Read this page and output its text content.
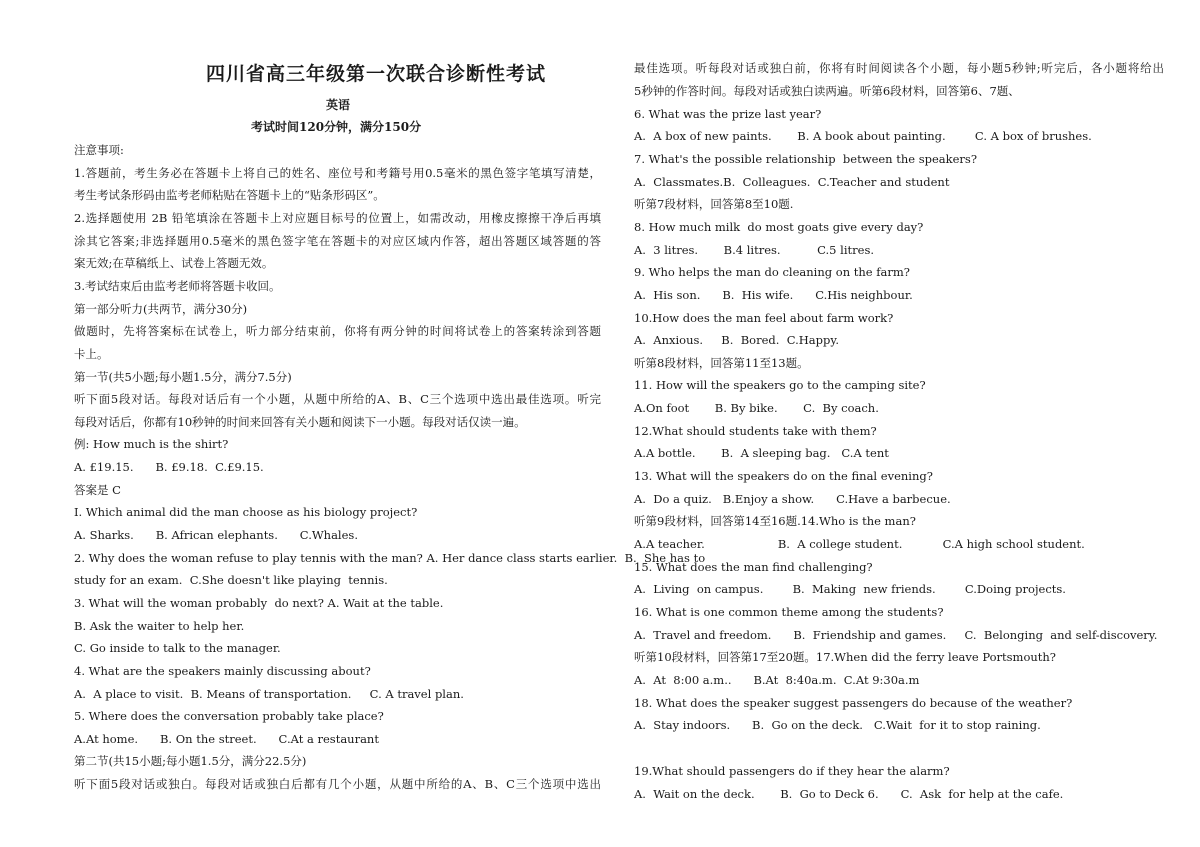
四川省高三年级第一次联合诊断性考试
英语
考试时间120分钟，满分150分
注意事项:
1.答题前，考生务必在答题卡上将自己的姓名、座位号和考籍号用0.5毫米的黑色签字笔填写清楚，
考生考试条形码由监考老师粘贴在答题卡上的“贴条形码区”。
2.选择题使用 2B 铅笔填涂在答题卡上对应题目标号的位置上，如需改动，用橡皮擦擦干净后再填
涂其它答案;非选择题用0.5毫米的黑色签字笔在答题卡的对应区域内作答，超出答题区域答题的答
案无效;在草稿纸上、试卷上答题无效。
3.考试结束后由监考老师将答题卡收回。
第一部分听力(共两节，满分30分)
做题时，先将答案标在试卷上，听力部分结束前，你将有两分钟的时间将试卷上的答案转涂到答题
卡上。
第一节(共5小题;每小题1.5分，满分7.5分)
听下面5段对话。每段对话后有一个小题，从题中所给的A、B、C三个选项中选出最佳选项。听完
每段对话后，你都有10秒钟的时间来回答有关小题和阅读下一小题。每段对话仅读一遍。
例: How much is the shirt?
A. £19.15.      B. £9.18.  C.£9.15.
答案是 C
I. Which animal did the man choose as his biology project?
A. Sharks.      B. African elephants.      C.Whales.
2. Why does the woman refuse to play tennis with the man? A. Her dance class starts earlier.  B.  She has to
study for an exam.  C.She doesn't like playing  tennis.
3. What will the woman probably  do next? A. Wait at the table.
B. Ask the waiter to help her.
C. Go inside to talk to the manager.
4. What are the speakers mainly discussing about?
A.  A place to visit.  B. Means of transportation.     C. A travel plan.
5. Where does the conversation probably take place?
A.At home.      B. On the street.      C.At a restaurant
第二节(共15小题;每小题1.5分，满分22.5分)
听下面5段对话或独白。每段对话或独白后都有几个小题，从题中所给的A、B、C三个选项中选出
最佳选项。听每段对话或独白前，你将有时间阅读各个小题，每小题5秒钟;听完后，各小题将给出
5秒钟的作答时间。每段对话或独白读两遍。听第6段材料，回答第6、7题、
6. What was the prize last year?
A.  A box of new paints.       B. A book about painting.        C. A box of brushes.
7. What's the possible relationship  between the speakers?
A.  Classmates.B.  Colleagues.  C.Teacher and student
听第7段材料，回答第8至10题.
8. How much milk  do most goats give every day?
A.  3 litres.       B.4 litres.          C.5 litres.
9. Who helps the man do cleaning on the farm?
A.  His son.      B.  His wife.      C.His neighbour.
10.How does the man feel about farm work?
A.  Anxious.     B.  Bored.  C.Happy.
听第8段材料，回答第11至13题。
11. How will the speakers go to the camping site?
A.On foot       B. By bike.       C.  By coach.
12.What should students take with them?
A.A bottle.       B.  A sleeping bag.   C.A tent
13. What will the speakers do on the final evening?
A.  Do a quiz.   B.Enjoy a show.      C.Have a barbecue.
听第9段材料，回答第14至16题.14.Who is the man?
A.A teacher.                    B.  A college student.           C.A high school student.
15. What does the man find challenging?
A.  Living  on campus.        B.  Making  new friends.        C.Doing projects.
16. What is one common theme among the students?
A.  Travel and freedom.      B.  Friendship and games.     C.  Belonging  and self-discovery.
听第10段材料，回答第17至20题。17.When did the ferry leave Portsmouth?
A.  At  8:00 a.m..      B.At  8:40a.m.  C.At 9:30a.m
18. What does the speaker suggest passengers do because of the weather?
A.  Stay indoors.      B.  Go on the deck.   C.Wait  for it to stop raining.
19.What should passengers do if they hear the alarm?
A.  Wait on the deck.       B.  Go to Deck 6.      C.  Ask  for help at the cafe.
